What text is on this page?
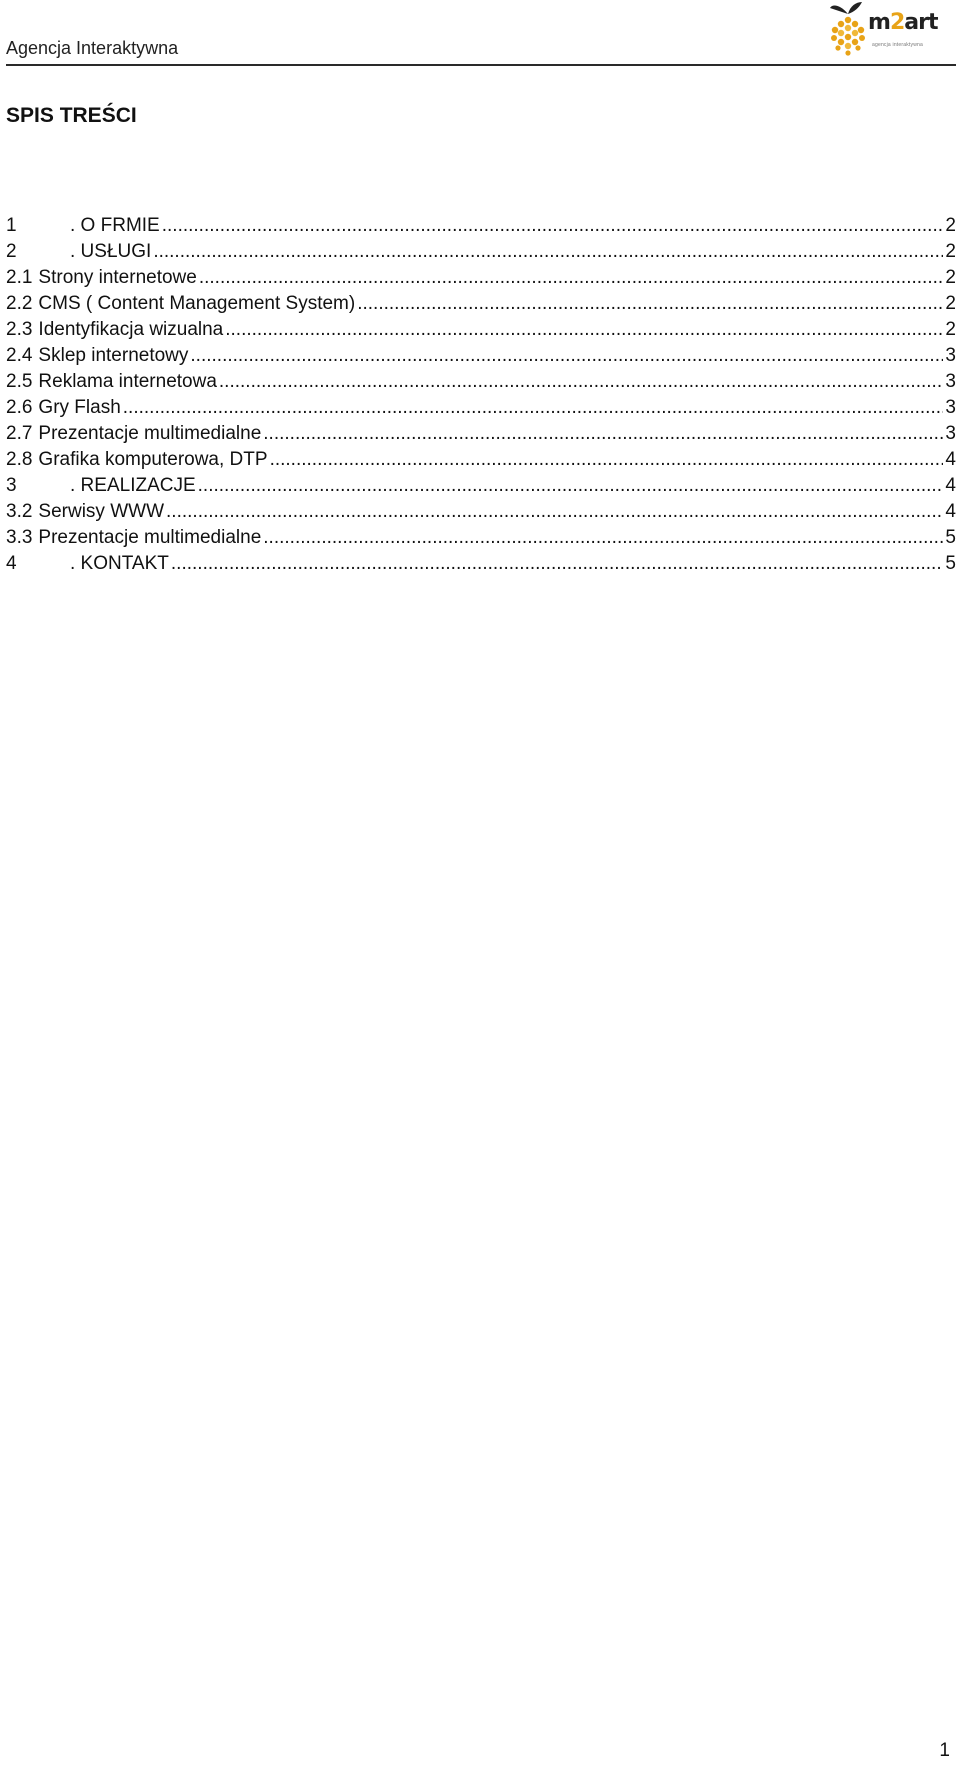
Agencja Interaktywna
m2art
agencja interaktywna
SPIS TREŚCI
1	. O FRMIE .....	2
2	. USŁUGI .....	2
2.1 Strony internetowe .....	2
2.2 CMS ( Content Management System) .....	2
2.3 Identyfikacja wizualna .....	2
2.4 Sklep internetowy .....	3
2.5 Reklama internetowa .....	3
2.6 Gry Flash .....	3
2.7 Prezentacje multimedialne .....	3
2.8 Grafika komputerowa, DTP .....	4
3	. REALIZACJE .....	4
3.2 Serwisy WWW .....	4
3.3 Prezentacje multimedialne .....	5
4	. KONTAKT .....	5
1
